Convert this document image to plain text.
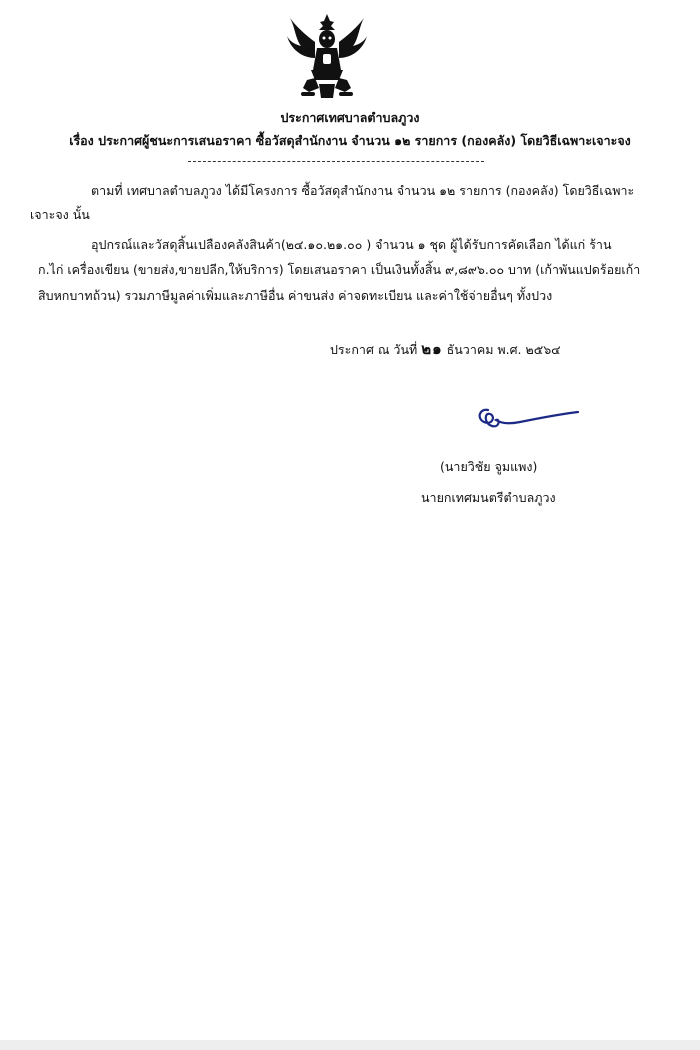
ประกาศเทศบาลตำบลภูวง
เรื่อง ประกาศผู้ชนะการเสนอราคา ซื้อวัสดุสำนักงาน จำนวน ๑๒ รายการ (กองคลัง) โดยวิธีเฉพาะเจาะจง
ตามที่ เทศบาลตำบลภูวง ได้มีโครงการ ซื้อวัสดุสำนักงาน จำนวน ๑๒ รายการ (กองคลัง) โดยวิธีเฉพาะ
เจาะจง นั้น
อุปกรณ์และวัสดุสิ้นเปลืองคลังสินค้า(๒๔.๑๐.๒๑.๐๐ ) จำนวน ๑ ชุด ผู้ได้รับการคัดเลือก ได้แก่ ร้าน
ก.ไก่ เครื่องเขียน (ขายส่ง,ขายปลีก,ให้บริการ) โดยเสนอราคา เป็นเงินทั้งสิ้น ๙,๘๙๖.๐๐ บาท (เก้าพันแปดร้อยเก้า
สิบหกบาทถ้วน) รวมภาษีมูลค่าเพิ่มและภาษีอื่น ค่าขนส่ง ค่าจดทะเบียน และค่าใช้จ่ายอื่นๆ ทั้งปวง
ประกาศ ณ วันที่ ๒๑ ธันวาคม พ.ศ. ๒๕๖๔
(นายวิชัย จูมแพง)
นายกเทศมนตรีตำบลภูวง
